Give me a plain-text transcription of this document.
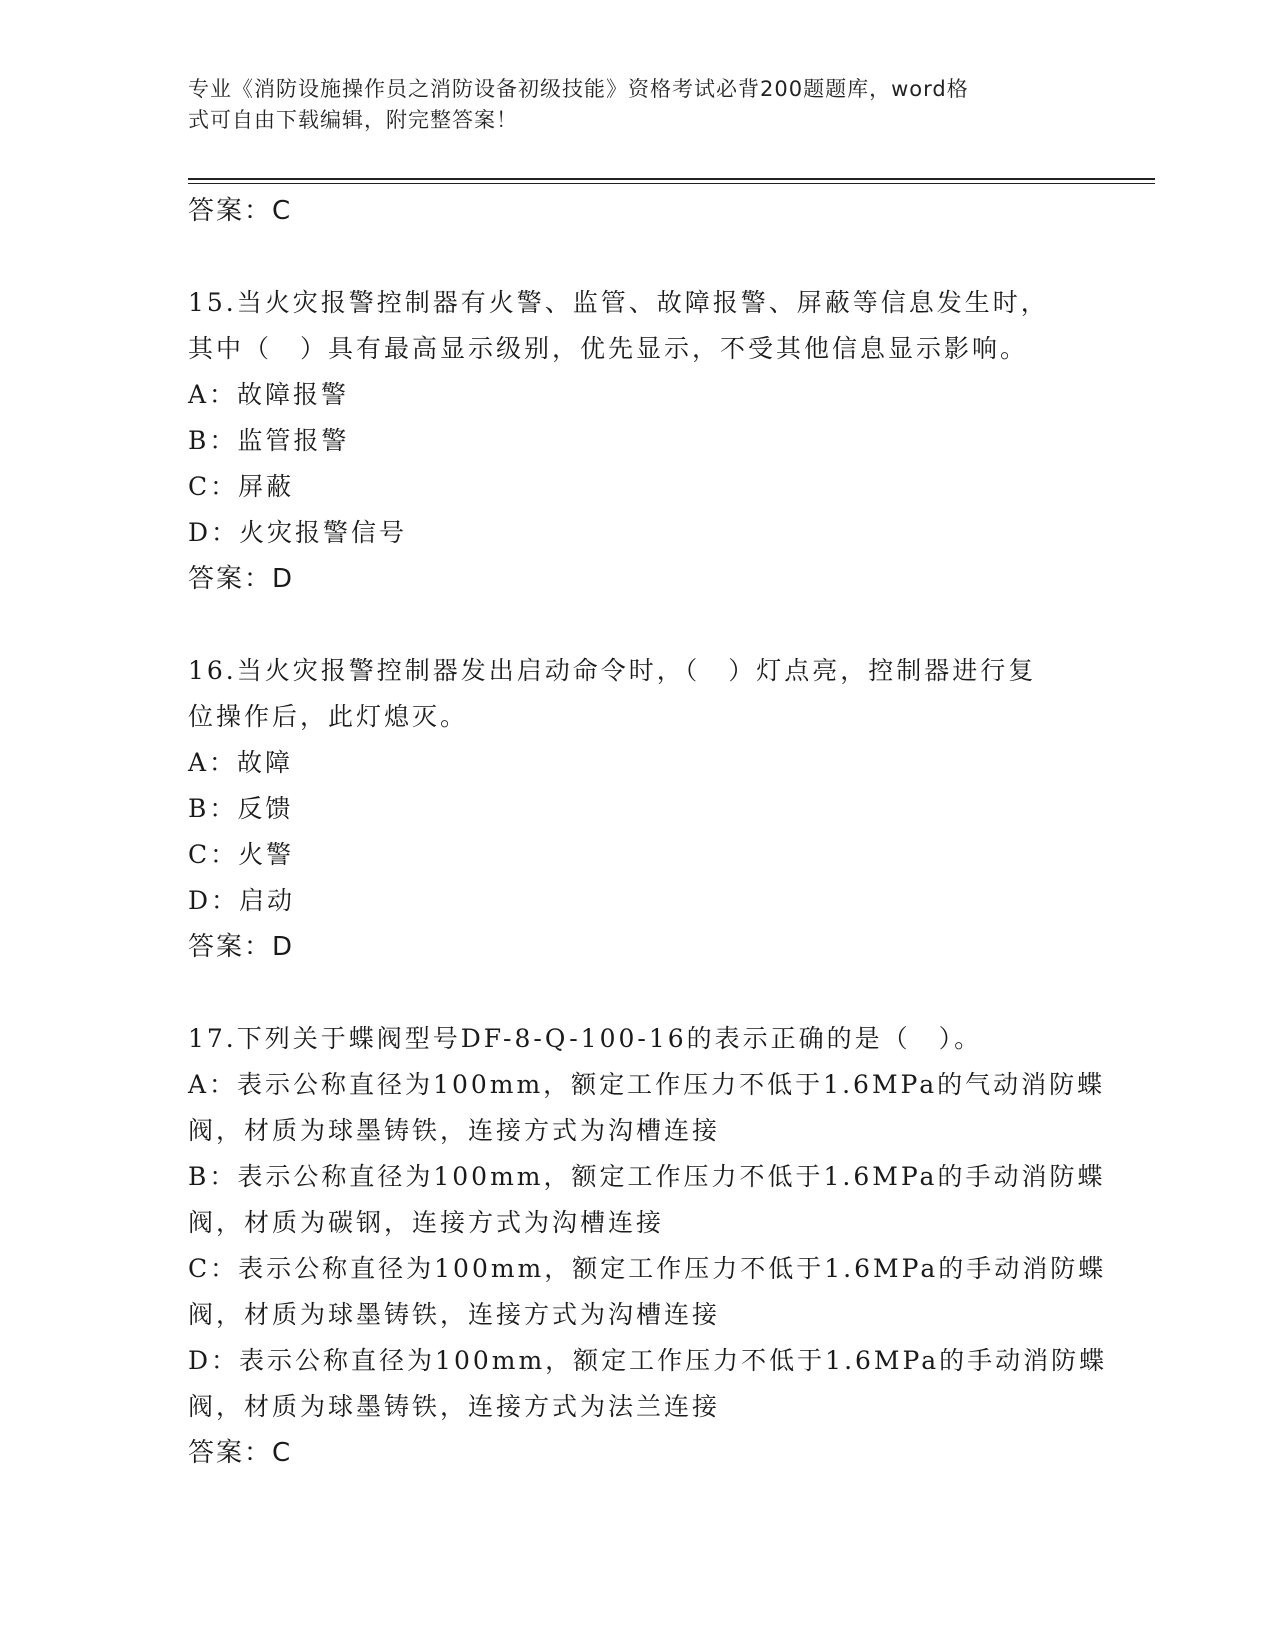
专业《消防设施操作员之消防设备初级技能》资格考试必背200题题库，word格
式可自由下载编辑，附完整答案！
答案：C
15.当火灾报警控制器有火警、监管、故障报警、屏蔽等信息发生时，
其中（　）具有最高显示级别，优先显示，不受其他信息显示影响。
A：故障报警
B：监管报警
C：屏蔽
D：火灾报警信号
答案：D
16.当火灾报警控制器发出启动命令时，（　）灯点亮，控制器进行复
位操作后，此灯熄灭。
A：故障
B：反馈
C：火警
D：启动
答案：D
17.下列关于蝶阀型号DF-8-Q-100-16的表示正确的是（　）。
A：表示公称直径为100mm，额定工作压力不低于1.6MPa的气动消防蝶
阀，材质为球墨铸铁，连接方式为沟槽连接
B：表示公称直径为100mm，额定工作压力不低于1.6MPa的手动消防蝶
阀，材质为碳钢，连接方式为沟槽连接
C：表示公称直径为100mm，额定工作压力不低于1.6MPa的手动消防蝶
阀，材质为球墨铸铁，连接方式为沟槽连接
D：表示公称直径为100mm，额定工作压力不低于1.6MPa的手动消防蝶
阀，材质为球墨铸铁，连接方式为法兰连接
答案：C
